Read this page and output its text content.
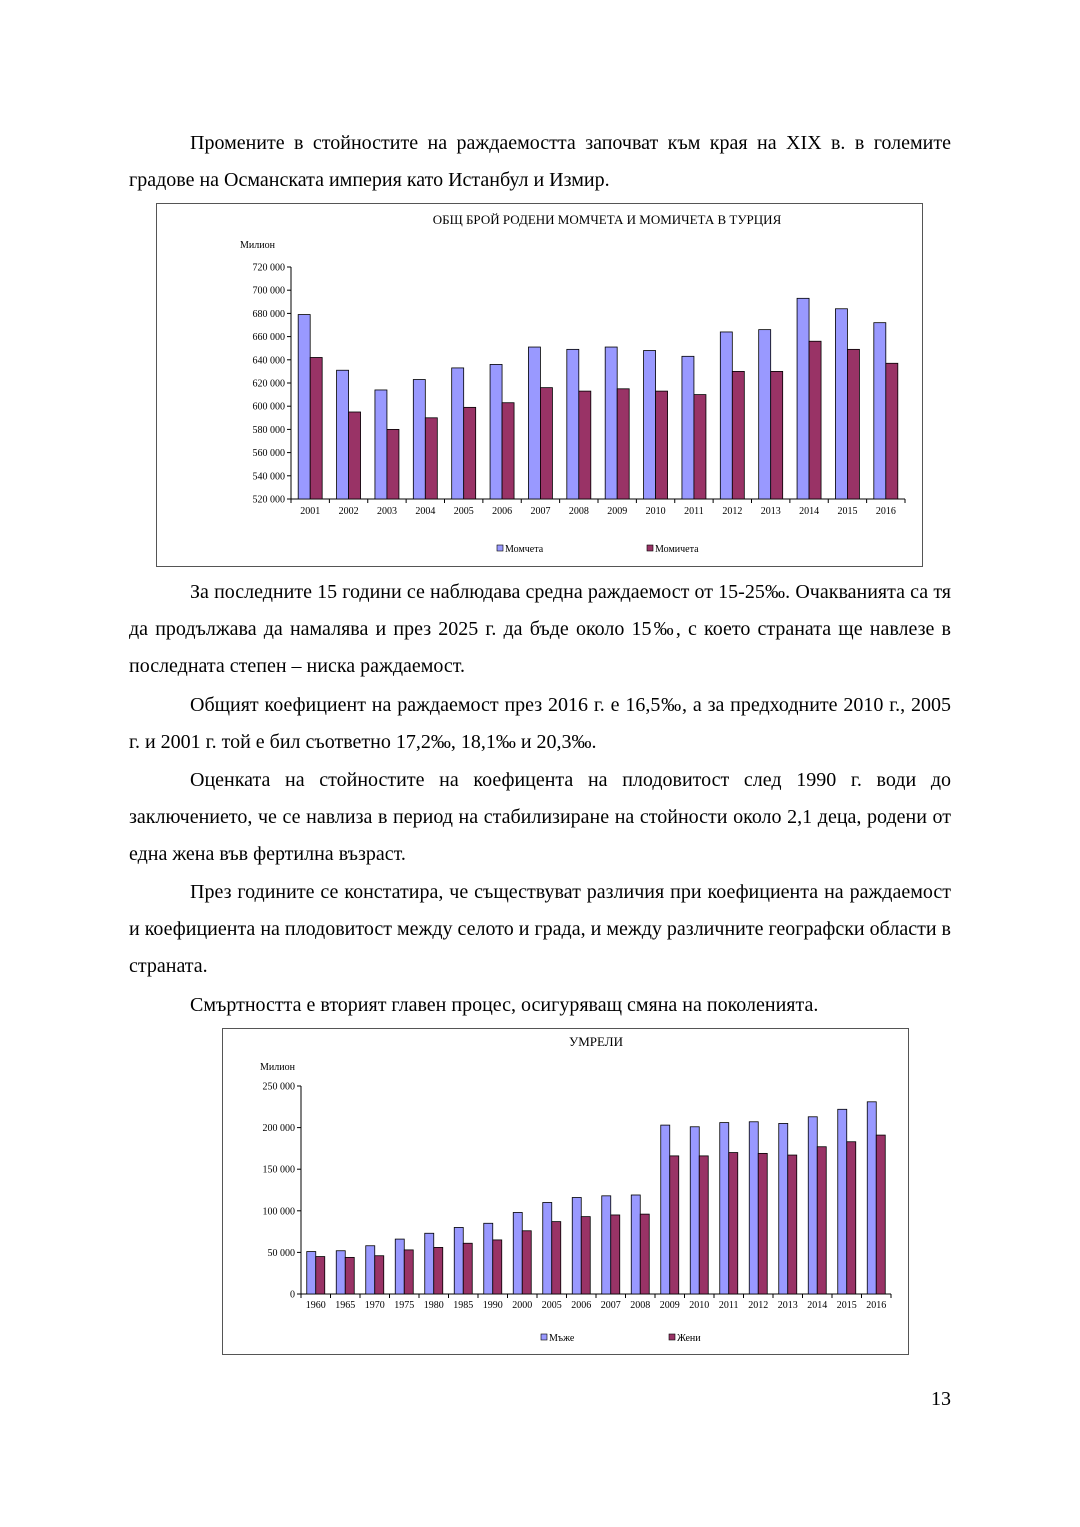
Промените в стойностите на раждаемостта започват към края на XIX в. в големите градове на Османската империя като Истанбул и Измир.

ОБЩ БРОЙ РОДЕНИ МОМЧЕТА И МОМИЧЕТА В ТУРЦИЯ
Милион
520 000
540 000
560 000
580 000
600 000
620 000
640 000
660 000
680 000
700 000
720 000
2001 2002 2003 2004 2005 2006 2007 2008 2009 2010 2011 2012 2013 2014 2015 2016
Момчета	Момичета

За последните 15 години се наблюдава средна раждаемост от 15-25‰. Очакванията са тя да продължава да намалява и през 2025 г. да бъде около 15‰, с което страната ще навлезе в последната степен – ниска раждаемост.

Общият коефициент на раждаемост през 2016 г. е 16,5‰, а за предходните 2010 г., 2005 г. и 2001 г. той е бил съответно 17,2‰, 18,1‰ и 20,3‰.

Оценката на стойностите на коефицента на плодовитост след 1990 г. води до заключението, че се навлиза в период на стабилизиране на стойности около 2,1 деца, родени от една жена във фертилна възраст.

През годините се констатира, че съществуват различия при коефициента на раждаемост и коефициента на плодовитост между селото и града, и между различните географски области в страната.

Смъртността е вторият главен процес, осигуряващ смяна на поколенията.

УМРЕЛИ
Милион
0
50 000
100 000
150 000
200 000
250 000
1960 1965 1970 1975 1980 1985 1990 2000 2005 2006 2007 2008 2009 2010 2011 2012 2013 2014 2015 2016
Мъже	Жени
13
